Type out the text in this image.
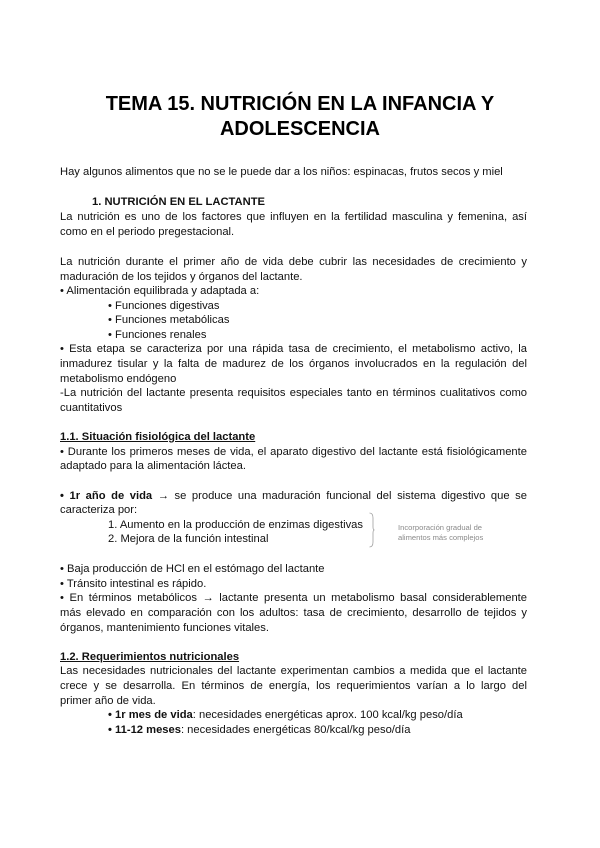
TEMA 15. NUTRICIÓN EN LA INFANCIA Y
ADOLESCENCIA
Hay algunos alimentos que no se le puede dar a los niños: espinacas, frutos secos y miel
1. NUTRICIÓN EN EL LACTANTE
La nutrición es uno de los factores que influyen en la fertilidad masculina y femenina, así
como en el periodo pregestacional.
La nutrición durante el primer año de vida debe cubrir las necesidades de crecimiento y
maduración de los tejidos y órganos del lactante.
• Alimentación equilibrada y adaptada a:
• Funciones digestivas
• Funciones metabólicas
• Funciones renales
• Esta etapa se caracteriza por una rápida tasa de crecimiento, el metabolismo activo, la
inmadurez tisular y la falta de madurez de los órganos involucrados en la regulación del
metabolismo endógeno
-La nutrición del lactante presenta requisitos especiales tanto en términos cualitativos como
cuantitativos
1.1. Situación fisiológica del lactante
• Durante los primeros meses de vida, el aparato digestivo del lactante está fisiológicamente
adaptado para la alimentación láctea.
• 1r año de vida → se produce una maduración funcional del sistema digestivo que se
caracteriza por:
1. Aumento en la producción de enzimas digestivas
2. Mejora de la función intestinal
Incorporación gradual de
alimentos más complejos
• Baja producción de HCl en el estómago del lactante
• Tránsito intestinal es rápido.
• En términos metabólicos → lactante presenta un metabolismo basal considerablemente
más elevado en comparación con los adultos: tasa de crecimiento, desarrollo de tejidos y
órganos, mantenimiento funciones vitales.
1.2. Requerimientos nutricionales
Las necesidades nutricionales del lactante experimentan cambios a medida que el lactante
crece y se desarrolla. En términos de energía, los requerimientos varían a lo largo del
primer año de vida.
• 1r mes de vida: necesidades energéticas aprox. 100 kcal/kg peso/día
• 11-12 meses: necesidades energéticas 80/kcal/kg peso/día
